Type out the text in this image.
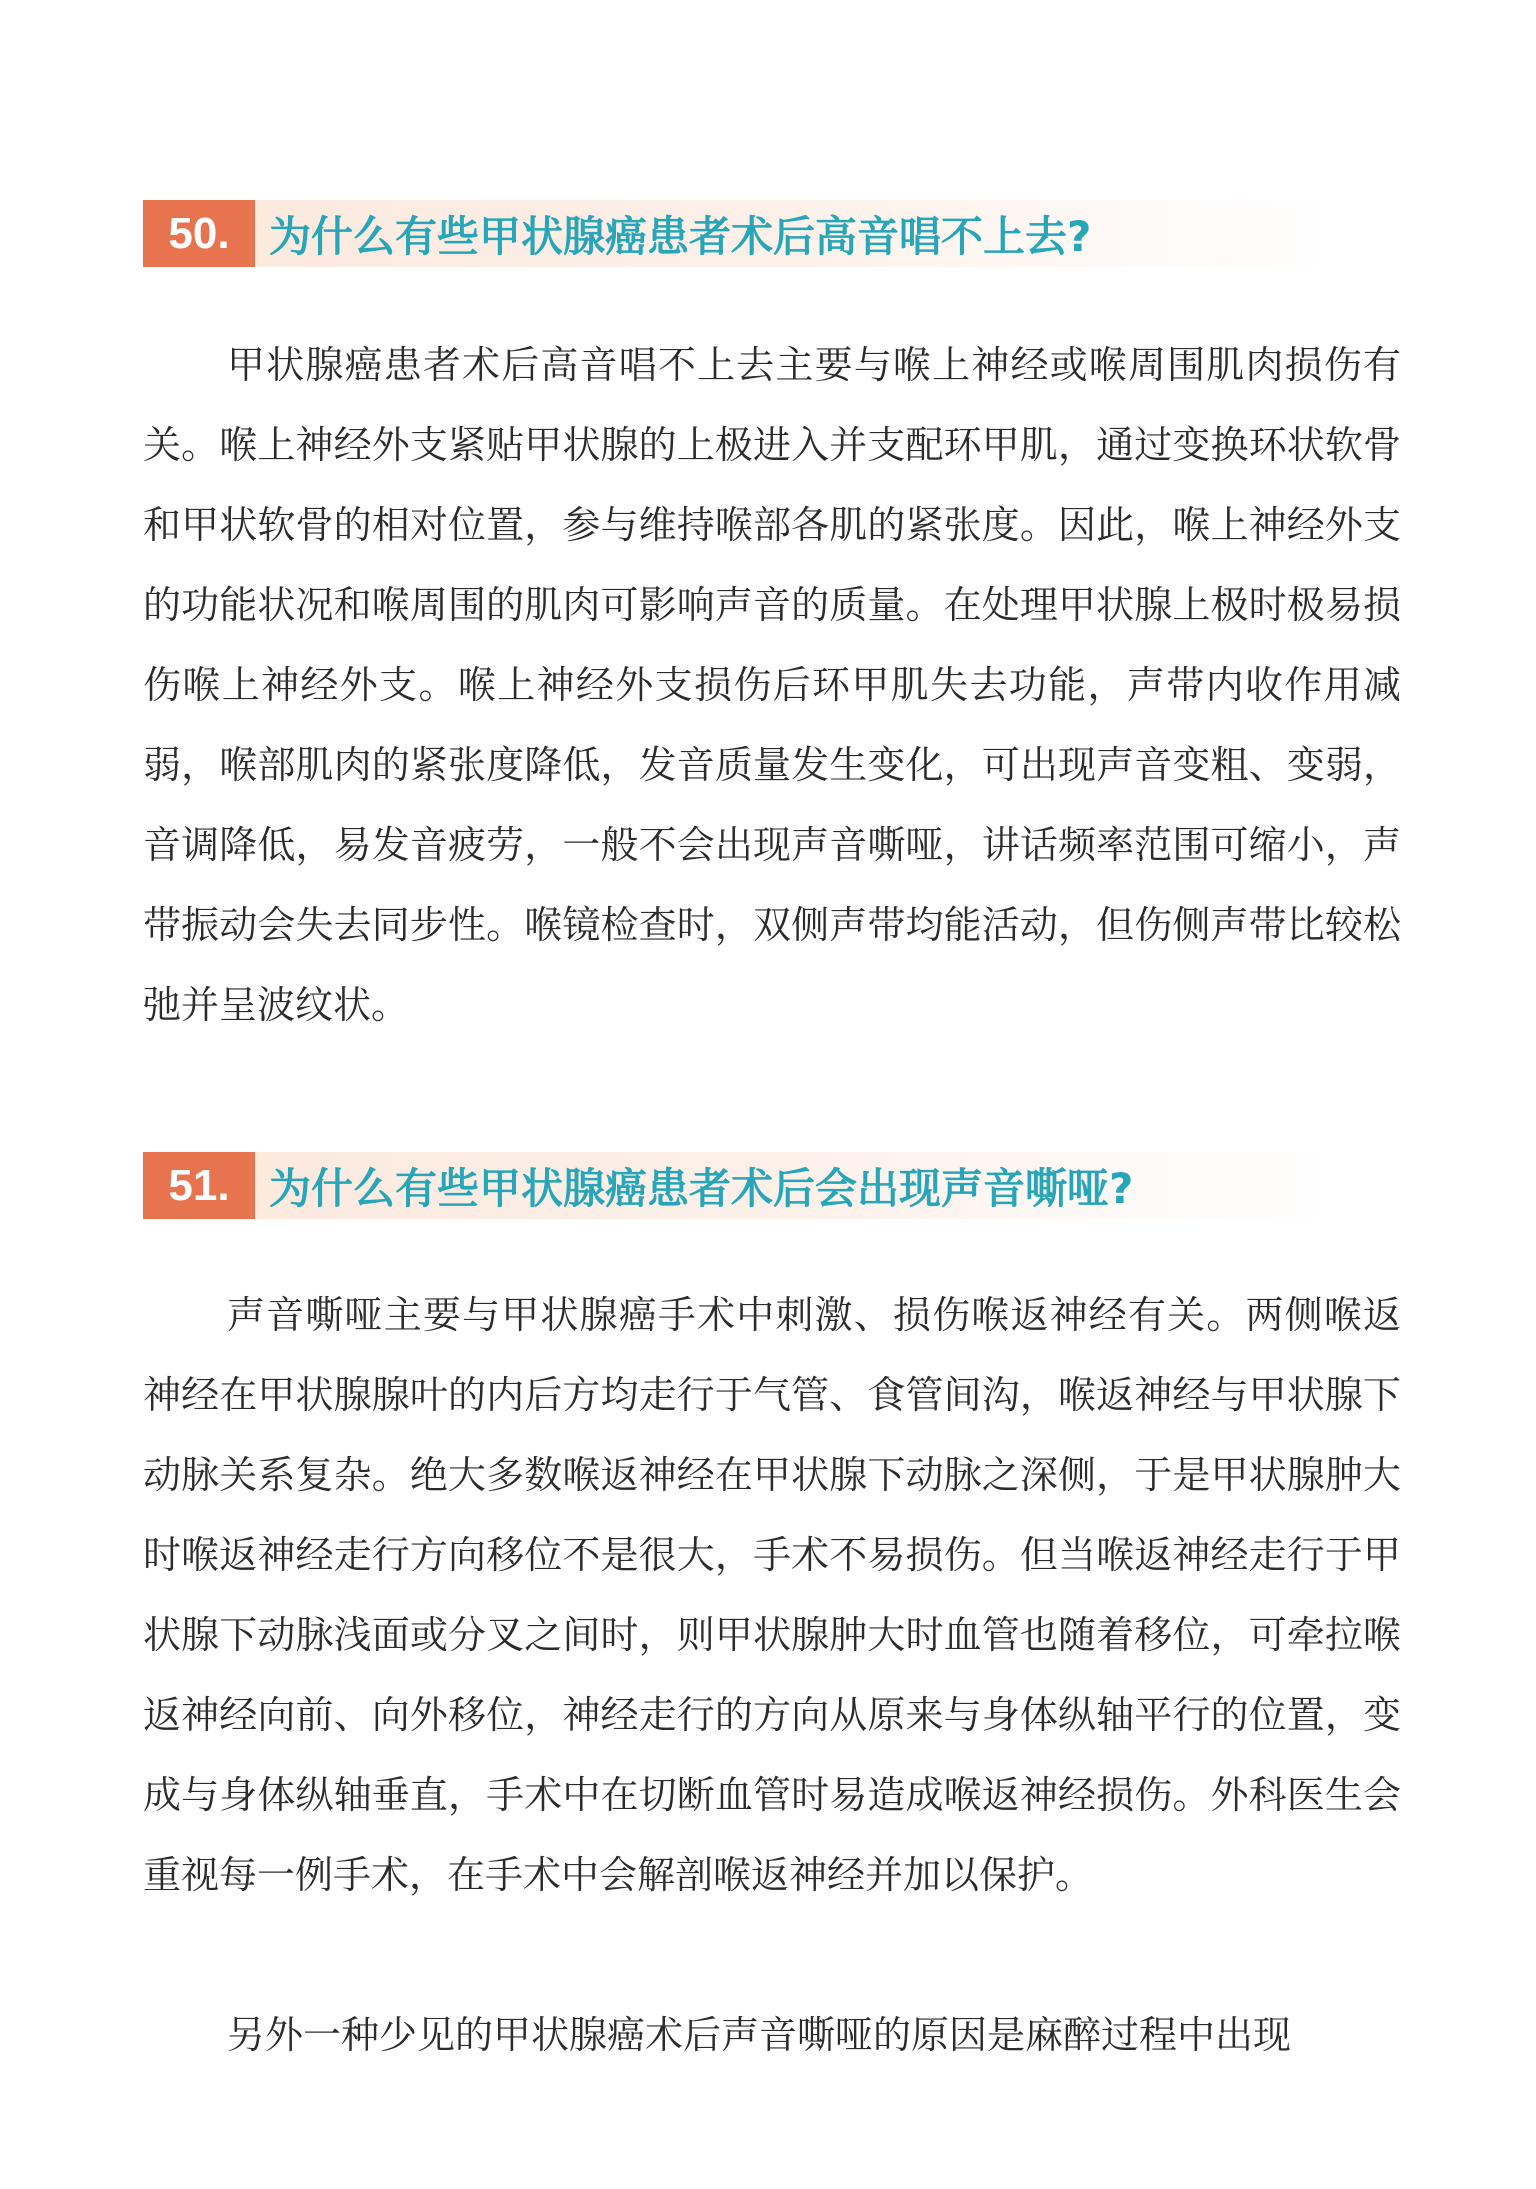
50. 为什么有些甲状腺癌患者术后高音唱不上去?

甲状腺癌患者术后高音唱不上去主要与喉上神经或喉周围肌肉损伤有关。喉上神经外支紧贴甲状腺的上极进入并支配环甲肌，通过变换环状软骨和甲状软骨的相对位置，参与维持喉部各肌的紧张度。因此，喉上神经外支的功能状况和喉周围的肌肉可影响声音的质量。在处理甲状腺上极时极易损伤喉上神经外支。喉上神经外支损伤后环甲肌失去功能，声带内收作用减弱，喉部肌肉的紧张度降低，发音质量发生变化，可出现声音变粗、变弱，音调降低，易发音疲劳，一般不会出现声音嘶哑，讲话频率范围可缩小，声带振动会失去同步性。喉镜检查时，双侧声带均能活动，但伤侧声带比较松弛并呈波纹状。

51. 为什么有些甲状腺癌患者术后会出现声音嘶哑?

声音嘶哑主要与甲状腺癌手术中刺激、损伤喉返神经有关。两侧喉返神经在甲状腺腺叶的内后方均走行于气管、食管间沟，喉返神经与甲状腺下动脉关系复杂。绝大多数喉返神经在甲状腺下动脉之深侧，于是甲状腺肿大时喉返神经走行方向移位不是很大，手术不易损伤。但当喉返神经走行于甲状腺下动脉浅面或分叉之间时，则甲状腺肿大时血管也随着移位，可牵拉喉返神经向前、向外移位，神经走行的方向从原来与身体纵轴平行的位置，变成与身体纵轴垂直，手术中在切断血管时易造成喉返神经损伤。外科医生会重视每一例手术，在手术中会解剖喉返神经并加以保护。

另外一种少见的甲状腺癌术后声音嘶哑的原因是麻醉过程中出现
